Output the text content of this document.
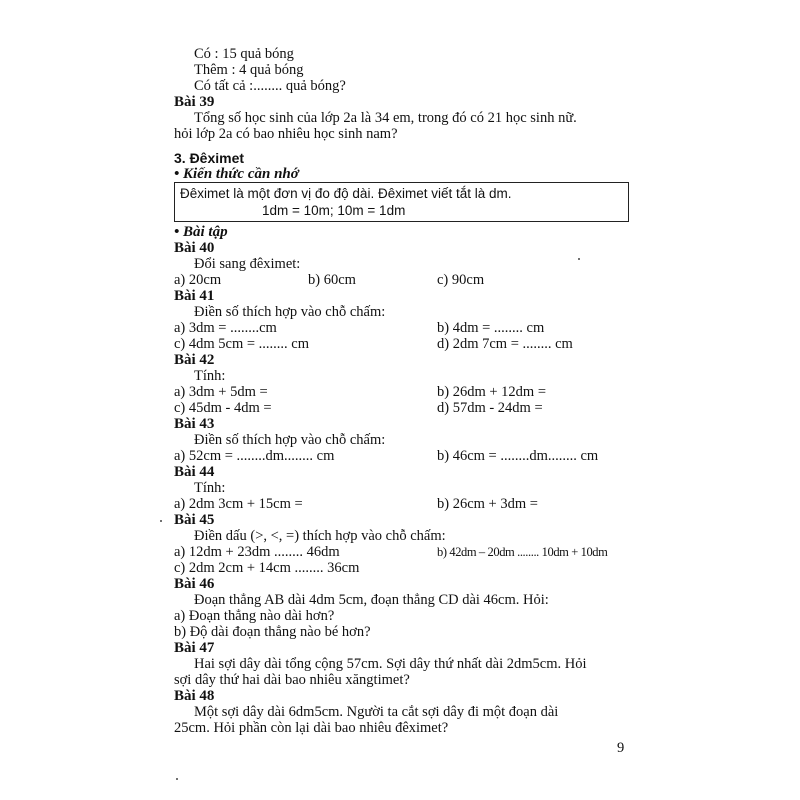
Có : 15 quả bóng
Thêm : 4 quả bóng
Có tất cả :........ quả bóng?
Bài 39
Tổng số học sinh của lớp 2a là 34 em, trong đó có 21 học sinh nữ.
hỏi lớp 2a có bao nhiêu học sinh nam?
3. Đêximet
• Kiến thức cần nhớ
Đêximet là một đơn vị đo độ dài. Đêximet viết tắt là dm.
1dm = 10m; 10m = 1dm
• Bài tập
Bài 40
Đổi sang đêximet:
a) 20cm	b) 60cm	c) 90cm
Bài 41
Điền số thích hợp vào chỗ chấm:
a) 3dm = ........cm	b) 4dm = ........ cm
c) 4dm 5cm = ........ cm	d) 2dm 7cm = ........ cm
Bài 42
Tính:
a) 3dm + 5dm =	b) 26dm + 12dm =
c) 45dm - 4dm =	d) 57dm - 24dm =
Bài 43
Điền số thích hợp vào chỗ chấm:
a) 52cm = ........dm........ cm	b) 46cm = ........dm........ cm
Bài 44
Tính:
a) 2dm 3cm + 15cm =	b) 26cm + 3dm =
Bài 45
Điền dấu (>, <, =) thích hợp vào chỗ chấm:
a) 12dm + 23dm ........ 46dm	b) 42dm – 20dm ........ 10dm + 10dm
c) 2dm 2cm + 14cm ........ 36cm
Bài 46
Đoạn thẳng AB dài 4dm 5cm, đoạn thẳng CD dài 46cm. Hỏi:
a) Đoạn thẳng nào dài hơn?
b) Độ dài đoạn thẳng nào bé hơn?
Bài 47
Hai sợi dây dài tổng cộng 57cm. Sợi dây thứ nhất dài 2dm5cm. Hỏi
sợi dây thứ hai dài bao nhiêu xăngtimet?
Bài 48
Một sợi dây dài 6dm5cm. Người ta cắt sợi dây đi một đoạn dài
25cm. Hỏi phần còn lại dài bao nhiêu đêximet?
9
